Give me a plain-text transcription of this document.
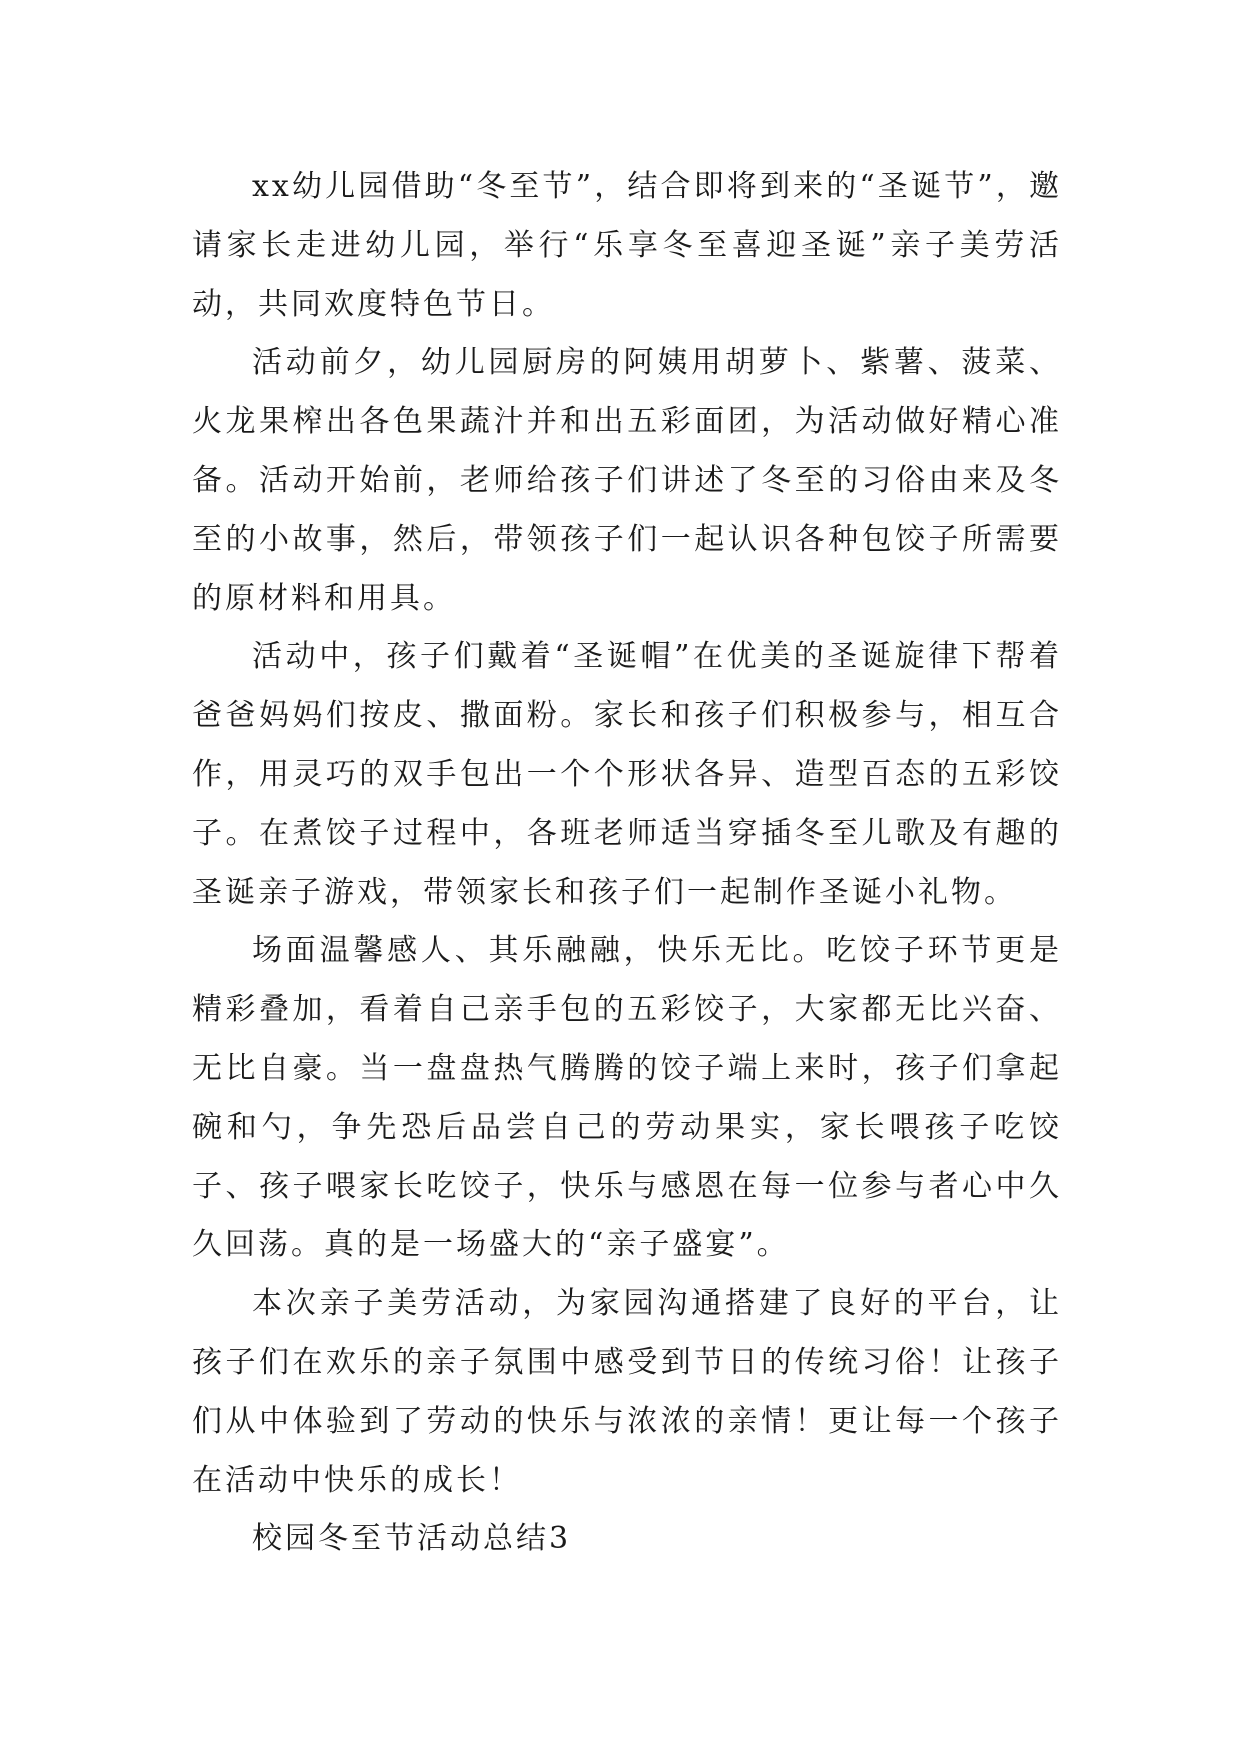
xx幼儿园借助“冬至节”，结合即将到来的“圣诞节”，邀请家长走进幼儿园，举行“乐享冬至喜迎圣诞”亲子美劳活动，共同欢度特色节日。

活动前夕，幼儿园厨房的阿姨用胡萝卜、紫薯、菠菜、火龙果榨出各色果蔬汁并和出五彩面团，为活动做好精心准备。活动开始前，老师给孩子们讲述了冬至的习俗由来及冬至的小故事，然后，带领孩子们一起认识各种包饺子所需要的原材料和用具。

活动中，孩子们戴着“圣诞帽”在优美的圣诞旋律下帮着爸爸妈妈们按皮、撒面粉。家长和孩子们积极参与，相互合作，用灵巧的双手包出一个个形状各异、造型百态的五彩饺子。在煮饺子过程中，各班老师适当穿插冬至儿歌及有趣的圣诞亲子游戏，带领家长和孩子们一起制作圣诞小礼物。

场面温馨感人、其乐融融，快乐无比。吃饺子环节更是精彩叠加，看着自己亲手包的五彩饺子，大家都无比兴奋、无比自豪。当一盘盘热气腾腾的饺子端上来时，孩子们拿起碗和勺，争先恐后品尝自己的劳动果实，家长喂孩子吃饺子、孩子喂家长吃饺子，快乐与感恩在每一位参与者心中久久回荡。真的是一场盛大的“亲子盛宴”。

本次亲子美劳活动，为家园沟通搭建了良好的平台，让孩子们在欢乐的亲子氛围中感受到节日的传统习俗！让孩子们从中体验到了劳动的快乐与浓浓的亲情！更让每一个孩子在活动中快乐的成长！

校园冬至节活动总结3
